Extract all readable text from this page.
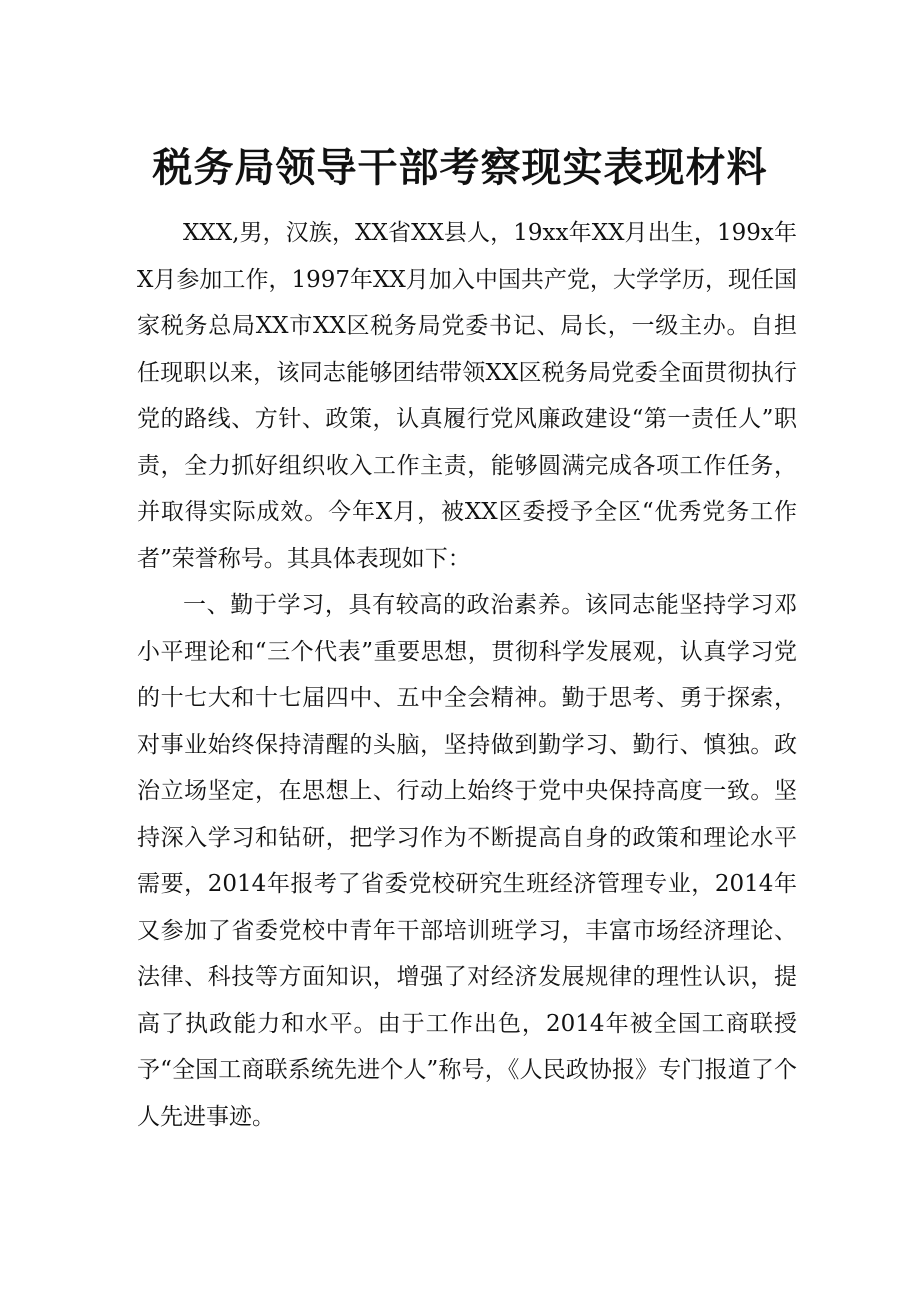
税务局领导干部考察现实表现材料

XXX,男，汉族，XX省XX县人，19xx年XX月出生，199x年X月参加工作，1997年XX月加入中国共产党，大学学历，现任国家税务总局XX市XX区税务局党委书记、局长，一级主办。自担任现职以来，该同志能够团结带领XX区税务局党委全面贯彻执行党的路线、方针、政策，认真履行党风廉政建设“第一责任人”职责，全力抓好组织收入工作主责，能够圆满完成各项工作任务，并取得实际成效。今年X月，被XX区委授予全区“优秀党务工作者”荣誉称号。其具体表现如下：

一、勤于学习，具有较高的政治素养。该同志能坚持学习邓小平理论和“三个代表”重要思想，贯彻科学发展观，认真学习党的十七大和十七届四中、五中全会精神。勤于思考、勇于探索，对事业始终保持清醒的头脑，坚持做到勤学习、勤行、慎独。政治立场坚定，在思想上、行动上始终于党中央保持高度一致。坚持深入学习和钻研，把学习作为不断提高自身的政策和理论水平需要，2014年报考了省委党校研究生班经济管理专业，2014年又参加了省委党校中青年干部培训班学习，丰富市场经济理论、法律、科技等方面知识，增强了对经济发展规律的理性认识，提高了执政能力和水平。由于工作出色，2014年被全国工商联授予“全国工商联系统先进个人”称号，《人民政协报》专门报道了个人先进事迹。
